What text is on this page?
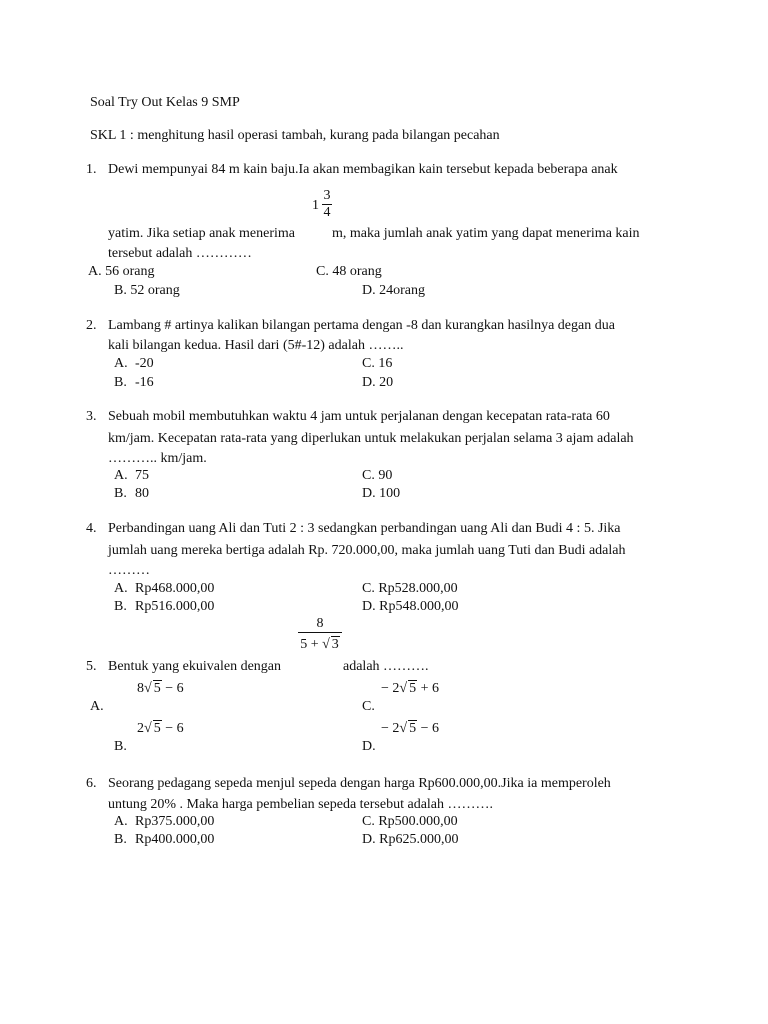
Soal Try Out Kelas 9 SMP
SKL 1 : menghitung hasil operasi tambah, kurang pada bilangan pecahan
1. Dewi mempunyai 84 m kain baju.Ia akan membagikan kain tersebut kepada beberapa anak
$1 \frac{3}{4}$
yatim. Jika setiap anak menerima	m, maka jumlah anak yatim yang dapat menerima kain
tersebut adalah …………
A. 56 orang	C. 48 orang
B. 52 orang	D. 24orang
2. Lambang # artinya kalikan bilangan pertama dengan -8 dan kurangkan hasilnya degan dua
kali bilangan kedua. Hasil dari (5#-12) adalah ……..
A. -20	C. 16
B. -16	D. 20
3. Sebuah mobil membutuhkan waktu 4 jam untuk perjalanan dengan kecepatan rata-rata 60
km/jam. Kecepatan rata-rata yang diperlukan untuk melakukan perjalan selama 3 ajam adalah
……….. km/jam.
A. 75	C. 90
B. 80	D. 100
4. Perbandingan uang Ali dan Tuti 2 : 3 sedangkan perbandingan uang Ali dan Budi 4 : 5. Jika
jumlah uang mereka bertiga adalah Rp. 720.000,00, maka jumlah uang Tuti dan Budi adalah
………
A. Rp468.000,00	C. Rp528.000,00
B. Rp516.000,00	D. Rp548.000,00
$\frac{8}{5 + √ 3}$
5. Bentuk yang ekuivalen dengan	adalah ……….
8√ 5 − 6	− 2√ 5 + 6
A.	C.
2√ 5 − 6	− 2√ 5 − 6
B.	D.
6. Seorang pedagang sepeda menjul sepeda dengan harga Rp600.000,00.Jika ia memperoleh
untung 20% . Maka harga pembelian sepeda tersebut adalah ……….
A. Rp375.000,00	C. Rp500.000,00
B. Rp400.000,00	D. Rp625.000,00
